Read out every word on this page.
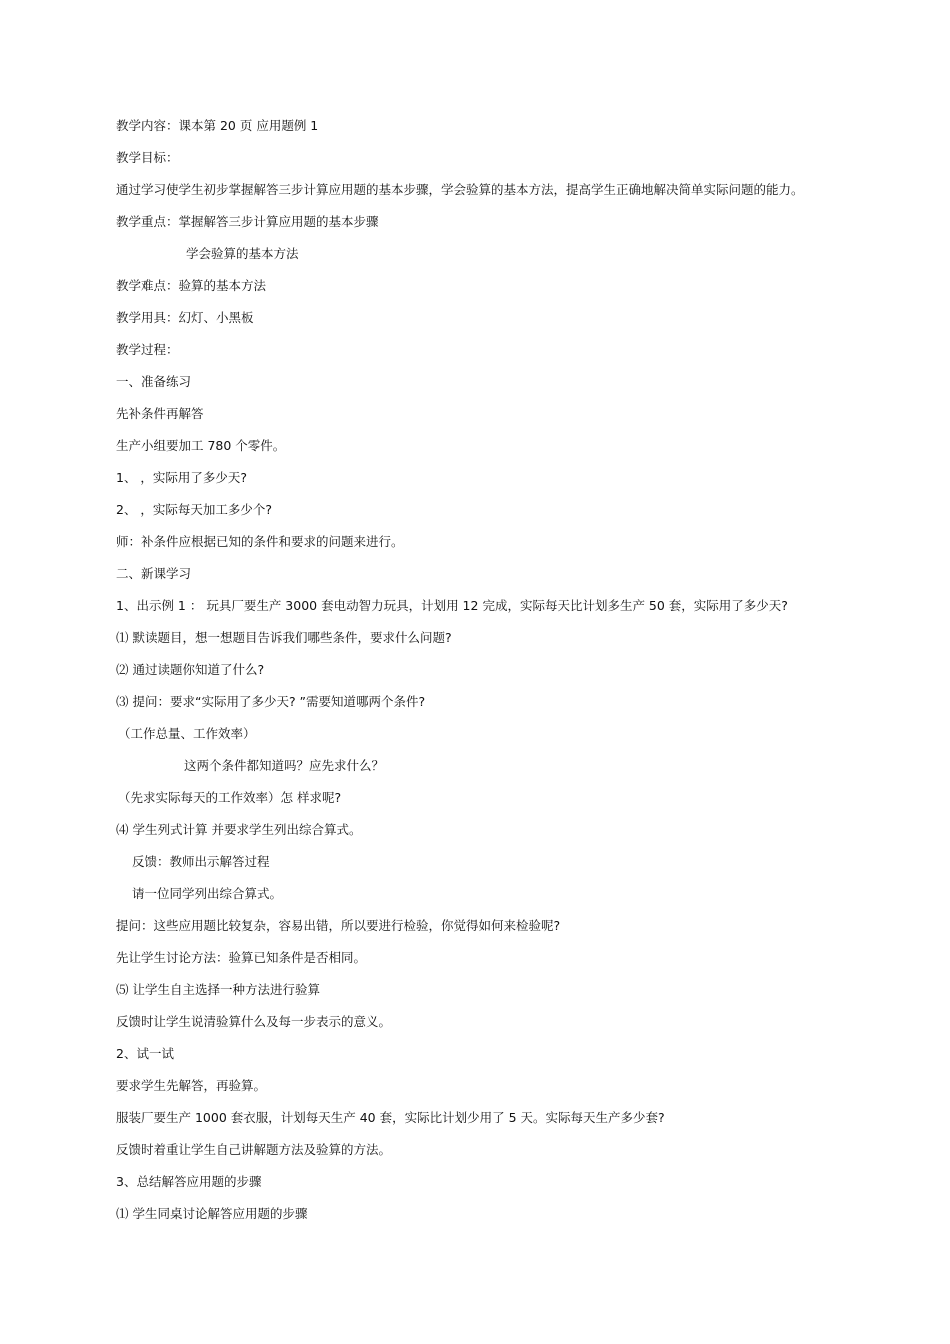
教学内容：课本第 20 页 应用题例 1
教学目标：
通过学习使学生初步掌握解答三步计算应用题的基本步骤，学会验算的基本方法，提高学生正确地解决简单实际问题的能力。
教学重点：掌握解答三步计算应用题的基本步骤
学会验算的基本方法
教学难点：验算的基本方法
教学用具：幻灯、小黑板
教学过程：
一、准备练习
先补条件再解答
生产小组要加工 780 个零件。
1、 ，实际用了多少天?
2、 ，实际每天加工多少个?
师：补条件应根据已知的条件和要求的问题来进行。
二、新课学习
1、出示例 1 ： 玩具厂要生产 3000 套电动智力玩具，计划用 12 完成，实际每天比计划多生产 50 套，实际用了多少天?
⑴ 默读题目，想一想题目告诉我们哪些条件，要求什么问题?
⑵ 通过读题你知道了什么?
⑶ 提问：要求“实际用了多少天? ”需要知道哪两个条件?
（工作总量、工作效率）
这两个条件都知道吗？应先求什么？
（先求实际每天的工作效率）怎 样求呢?
⑷ 学生列式计算 并要求学生列出综合算式。
反馈：教师出示解答过程
请一位同学列出综合算式。
提问：这些应用题比较复杂，容易出错，所以要进行检验，你觉得如何来检验呢?
先让学生讨论方法：验算已知条件是否相同。
⑸ 让学生自主选择一种方法进行验算
反馈时让学生说清验算什么及每一步表示的意义。
2、试一试
要求学生先解答，再验算。
服装厂要生产 1000 套衣服，计划每天生产 40 套，实际比计划少用了 5 天。实际每天生产多少套?
反馈时着重让学生自己讲解题方法及验算的方法。
3、总结解答应用题的步骤
⑴ 学生同桌讨论解答应用题的步骤
